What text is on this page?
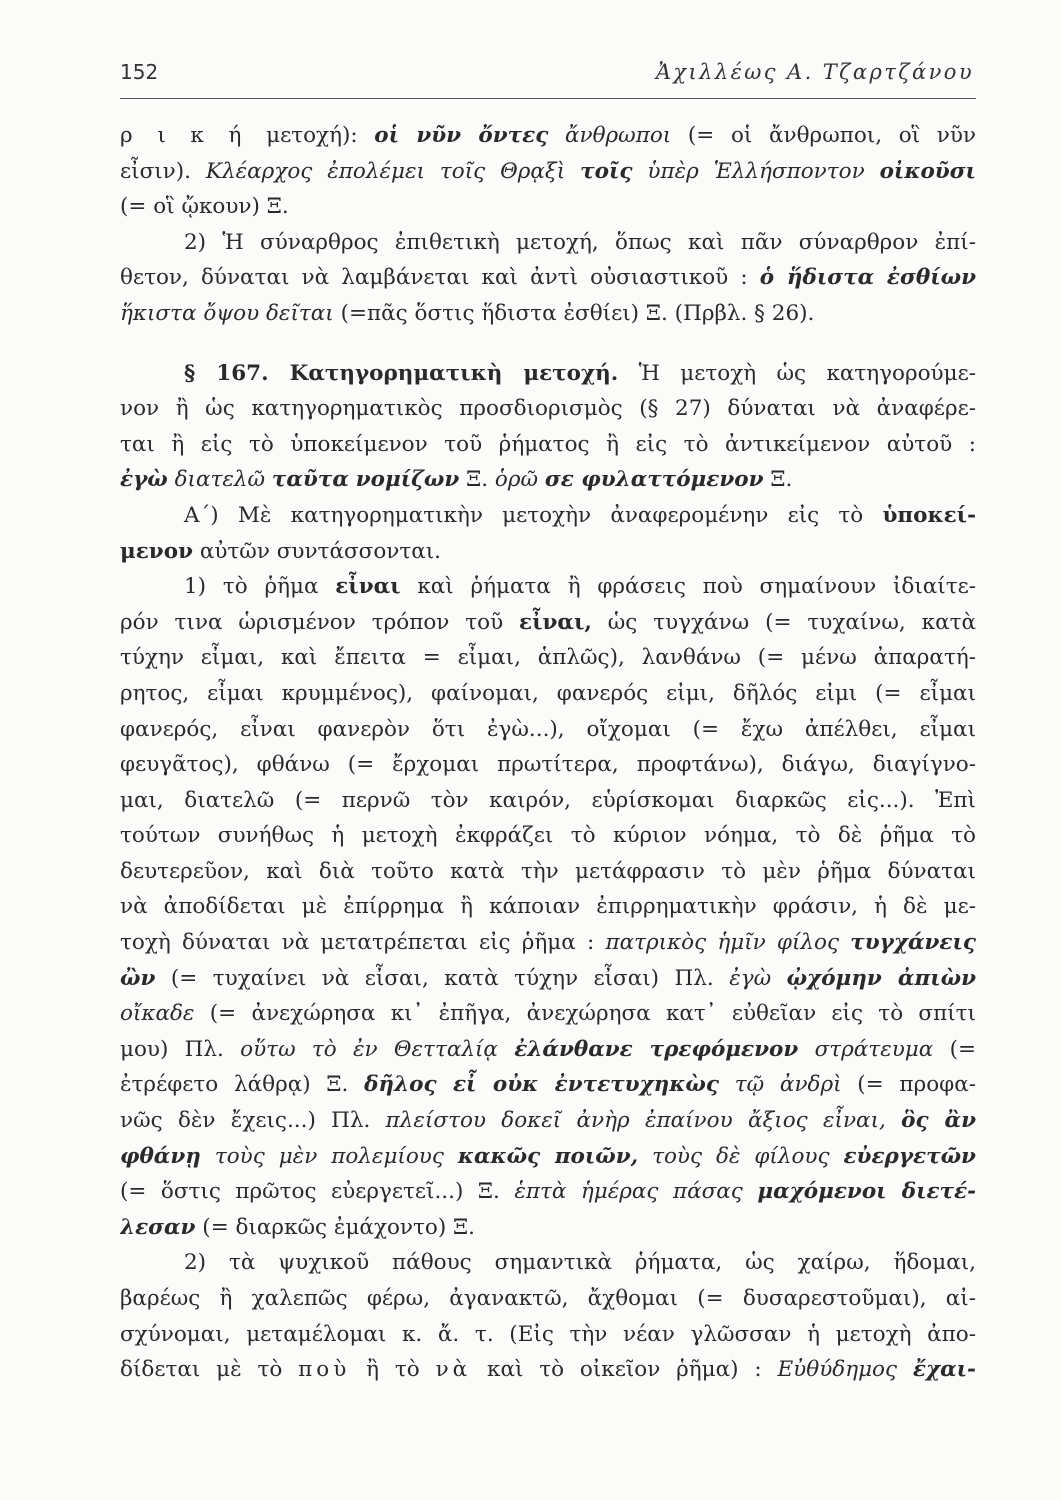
152	Ἀχιλλέως Α. Τζαρτζάνου
ρ ι κ ή μετοχή): οἱ νῦν ὄντες ἄνθρωποι (= οἱ ἄνθρωποι, οἳ νῦν
εἶσιν). Κλέαρχος ἐπολέμει τοῖς Θρᾳξὶ τοῖς ὑπὲρ Ἑλλήσποντον οἰκοῦσι
(= οἳ ᾤκουν) Ξ.
2) Ἡ σύναρθρος ἐπιθετικὴ μετοχή, ὅπως καὶ πᾶν σύναρθρον ἐπί-
θετον, δύναται νὰ λαμβάνεται καὶ ἀντὶ οὐσιαστικοῦ : ὁ ἥδιστα ἐσθίων
ἥκιστα ὄψου δεῖται (=πᾶς ὅστις ἥδιστα ἐσθίει) Ξ. (Πρβλ. § 26).
§ 167. Κατηγορηματικὴ μετοχή. Ἡ μετοχὴ ὡς κατηγορούμε-
νον ἢ ὡς κατηγορηματικὸς προσδιορισμὸς (§ 27) δύναται νὰ ἀναφέρε-
ται ἢ εἰς τὸ ὑποκείμενον τοῦ ῥήματος ἢ εἰς τὸ ἀντικείμενον αὐτοῦ :
ἐγὼ διατελῶ ταῦτα νομίζων Ξ. ὁρῶ σε φυλαττόμενον Ξ.
Α΄) Μὲ κατηγορηματικὴν μετοχὴν ἀναφερομένην εἰς τὸ ὑποκεί-
μενον αὐτῶν συντάσσονται.
1) τὸ ῥῆμα εἶναι καὶ ῥήματα ἢ φράσεις ποὺ σημαίνουν ἰδιαίτε-
ρόν τινα ὡρισμένον τρόπον τοῦ εἶναι, ὡς τυγχάνω (= τυχαίνω, κατὰ
τύχην εἶμαι, καὶ ἔπειτα = εἶμαι, ἁπλῶς), λανθάνω (= μένω ἀπαρατή-
ρητος, εἶμαι κρυμμένος), φαίνομαι, φανερός εἰμι, δῆλός εἰμι (= εἶμαι
φανερός, εἶναι φανερὸν ὅτι ἐγὼ...), οἴχομαι (= ἔχω ἀπέλθει, εἶμαι
φευγᾶτος), φθάνω (= ἔρχομαι πρωτίτερα, προφτάνω), διάγω, διαγίγνο-
μαι, διατελῶ (= περνῶ τὸν καιρόν, εὑρίσκομαι διαρκῶς εἰς...). Ἐπὶ
τούτων συνήθως ἡ μετοχὴ ἐκφράζει τὸ κύριον νόημα, τὸ δὲ ῥῆμα τὸ
δευτερεῦον, καὶ διὰ τοῦτο κατὰ τὴν μετάφρασιν τὸ μὲν ῥῆμα δύναται
νὰ ἀποδίδεται μὲ ἐπίρρημα ἢ κάποιαν ἐπιρρηματικὴν φράσιν, ἡ δὲ με-
τοχὴ δύναται νὰ μετατρέπεται εἰς ῥῆμα : πατρικὸς ἡμῖν φίλος τυγχάνεις
ὢν (= τυχαίνει νὰ εἶσαι, κατὰ τύχην εἶσαι) Πλ. ἐγὼ ᾠχόμην ἀπιὼν
οἴκαδε (= ἀνεχώρησα κι᾽ ἐπῆγα, ἀνεχώρησα κατ᾽ εὐθεῖαν εἰς τὸ σπίτι
μου) Πλ. οὕτω τὸ ἐν Θετταλίᾳ ἐλάνθανε τρεφόμενον στράτευμα (=
ἐτρέφετο λάθρᾳ) Ξ. δῆλος εἶ οὐκ ἐντετυχηκὼς τῷ ἀνδρὶ (= προφα-
νῶς δὲν ἔχεις...) Πλ. πλείστου δοκεῖ ἀνὴρ ἐπαίνου ἄξιος εἶναι, ὃς ἂν
φθάνῃ τοὺς μὲν πολεμίους κακῶς ποιῶν, τοὺς δὲ φίλους εὐεργετῶν
(= ὅστις πρῶτος εὐεργετεῖ...) Ξ. ἑπτὰ ἡμέρας πάσας μαχόμενοι διετέ-
λεσαν (= διαρκῶς ἐμάχοντο) Ξ.
2) τὰ ψυχικοῦ πάθους σημαντικὰ ῥήματα, ὡς χαίρω, ἥδομαι,
βαρέως ἢ χαλεπῶς φέρω, ἀγανακτῶ, ἄχθομαι (= δυσαρεστοῦμαι), αἰ-
σχύνομαι, μεταμέλομαι κ. ἄ. τ. (Εἰς τὴν νέαν γλῶσσαν ἡ μετοχὴ ἀπο-
δίδεται μὲ τὸ ποὺ ἢ τὸ νὰ καὶ τὸ οἰκεῖον ῥῆμα) : Εὐθύδημος ἔχαι-
